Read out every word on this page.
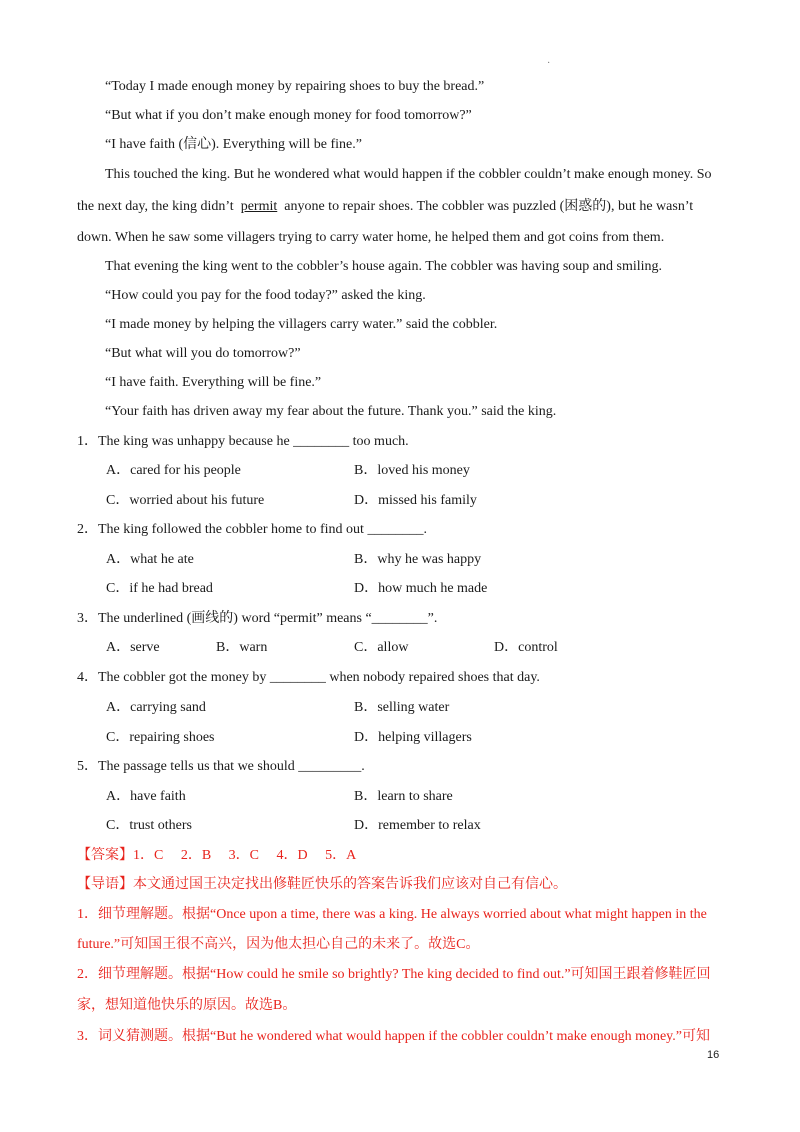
·
“Today I made enough money by repairing shoes to buy the bread.”
“But what if you don’t make enough money for food tomorrow?”
“I have faith (信心). Everything will be fine.”
This touched the king. But he wondered what would happen if the cobbler couldn’t make enough money. So
the next day, the king didn’t permit anyone to repair shoes. The cobbler was puzzled (困惑的), but he wasn’t
down. When he saw some villagers trying to carry water home, he helped them and got coins from them.
That evening the king went to the cobbler’s house again. The cobbler was having soup and smiling.
“How could you pay for the food today?” asked the king.
“I made money by helping the villagers carry water.” said the cobbler.
“But what will you do tomorrow?”
“I have faith. Everything will be fine.”
“Your faith has driven away my fear about the future. Thank you.” said the king.
1．The king was unhappy because he ________ too much.
A．cared for his people	B．loved his money
C．worried about his future	D．missed his family
2．The king followed the cobbler home to find out ________.
A．what he ate	B．why he was happy
C．if he had bread	D．how much he made
3．The underlined (画线的) word “permit” means “________”.
A．serve	B．warn	C．allow	D．control
4．The cobbler got the money by ________ when nobody repaired shoes that day.
A．carrying sand	B．selling water
C．repairing shoes	D．helping villagers
5．The passage tells us that we should _________.
A．have faith	B．learn to share
C．trust others	D．remember to relax
【答案】1．C　 2．B　 3．C　 4．D　 5．A
【导语】本文通过国王决定找出修鞋匠快乐的答案告诉我们应该对自己有信心。
1．细节理解题。根据“Once upon a time, there was a king. He always worried about what might happen in the
future.”可知国王很不高兴，因为他太担心自己的未来了。故选C。
2．细节理解题。根据“How could he smile so brightly? The king decided to find out.”可知国王跟着修鞋匠回
家，想知道他快乐的原因。故选B。
3．词义猜测题。根据“But he wondered what would happen if the cobbler couldn’t make enough money.”可知
16
